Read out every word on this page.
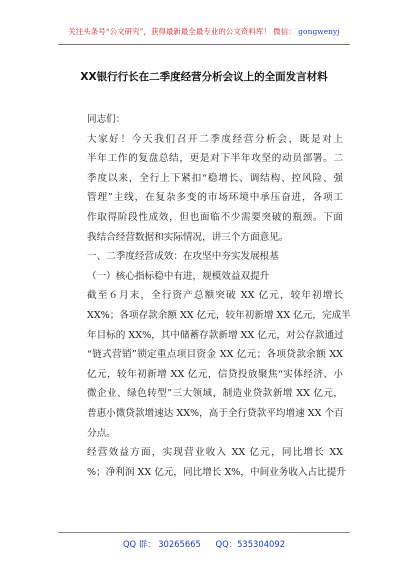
关注头条号“公文研究”，获得最新最全最专业的公文资料库！ 微信： gongwenyj
XX银行行长在二季度经营分析会议上的全面发言材料
同志们：
大家好！今天我们召开二季度经营分析会，既是对上
半年工作的复盘总结，更是对下半年攻坚的动员部署。二
季度以来，全行上下紧扣“稳增长、调结构、控风险、强
管理”主线，在复杂多变的市场环境中承压奋进，各项工
作取得阶段性成效，但也面临不少需要突破的瓶颈。下面
我结合经营数据和实际情况，讲三个方面意见。
一、二季度经营成效：在攻坚中夯实发展根基
（一）核心指标稳中有进，规模效益双提升
截至６月末，全行资产总额突破 XX 亿元，较年初增长
XX%；各项存款余额 XX 亿元，较年初新增 XX 亿元，完成半
年目标的 XX%，其中储蓄存款新增 XX 亿元，对公存款通过
“链式营销”锁定重点项目资金 XX 亿元；各项贷款余额 XX
亿元，较年初新增 XX 亿元，信贷投放聚焦“实体经济、小
微企业、绿色转型”三大领域，制造业贷款新增 XX 亿元，
普惠小微贷款增速达 XX%，高于全行贷款平均增速 XX 个百
分点。
经营效益方面，实现营业收入 XX 亿元，同比增长 XX
%；净利润 XX 亿元，同比增长 X%，中间业务收入占比提升
QQ 群： 30265665 QQ：535304092
